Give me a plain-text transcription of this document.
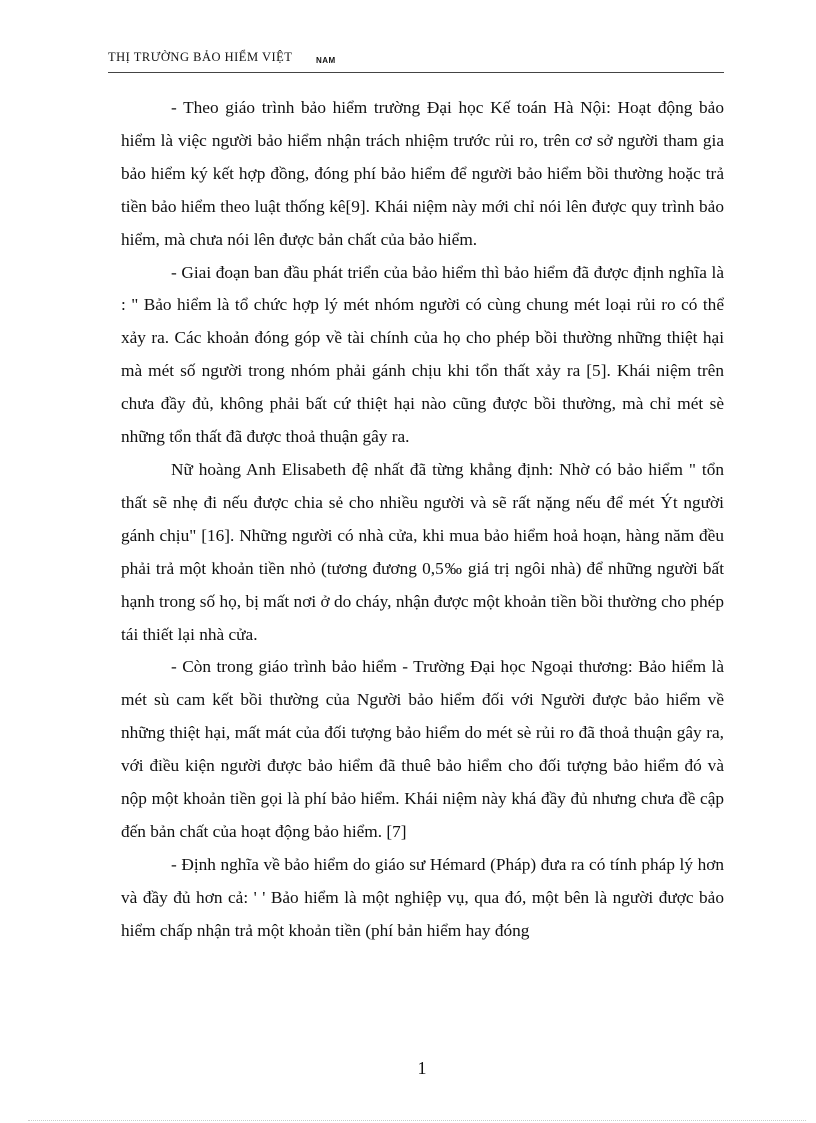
THỊ TRƯỜNG BẢO HIỂM VIỆT	NAM

- Theo giáo trình bảo hiểm trường Đại học Kế toán Hà Nội: Hoạt động bảo hiểm là việc người bảo hiểm nhận trách nhiệm trước rủi ro, trên cơ sở người tham gia bảo hiểm ký kết hợp đồng, đóng phí bảo hiểm để người bảo hiểm bồi thường hoặc trả tiền bảo hiểm theo luật thống kê[9]. Khái niệm này mới chỉ nói lên được quy trình bảo hiểm, mà chưa nói lên được bản chất của bảo hiểm.

- Giai đoạn ban đầu phát triển của bảo hiểm thì bảo hiểm đã được định nghĩa là : " Bảo hiểm là tổ chức hợp lý mét nhóm người có cùng chung mét loại rủi ro có thể xảy ra. Các khoản đóng góp về tài chính của họ cho phép bồi thường những thiệt hại mà mét số người trong nhóm phải gánh chịu khi tổn thất xảy ra [5]. Khái niệm trên chưa đầy đủ, không phải bất cứ thiệt hại nào cũng được bồi thường, mà chỉ mét sè những tổn thất đã được thoả thuận gây ra.

Nữ hoàng Anh Elisabeth đệ nhất đã từng khẳng định: Nhờ có bảo hiểm " tổn thất sẽ nhẹ đi nếu được chia sẻ cho nhiều người và sẽ rất nặng nếu để mét Ýt người gánh chịu" [16]. Những người có nhà cửa, khi mua bảo hiểm hoả hoạn, hàng năm đều phải trả một khoản tiền nhỏ (tương đương 0,5‰ giá trị ngôi nhà) để những người bất hạnh trong số họ, bị mất nơi ở do cháy, nhận được một khoản tiền bồi thường cho phép tái thiết lại nhà cửa.

- Còn trong giáo trình bảo hiểm - Trường Đại học Ngoại thương: Bảo hiểm là mét sù cam kết bồi thường của Người bảo hiểm đối với Người được bảo hiểm về những thiệt hại, mất mát của đối tượng bảo hiểm do mét sè rủi ro đã thoả thuận gây ra, với điều kiện người được bảo hiểm đã thuê bảo hiểm cho đối tượng bảo hiểm đó và nộp một khoản tiền gọi là phí bảo hiểm. Khái niệm này khá đầy đủ nhưng chưa đề cập đến bản chất của hoạt động bảo hiểm. [7]

- Định nghĩa về bảo hiểm do giáo sư Hémard (Pháp) đưa ra có tính pháp lý hơn và đầy đủ hơn cả: ' ' Bảo hiểm là một nghiệp vụ, qua đó, một bên là người được bảo hiểm chấp nhận trả một khoản tiền (phí bản hiểm hay đóng

1
